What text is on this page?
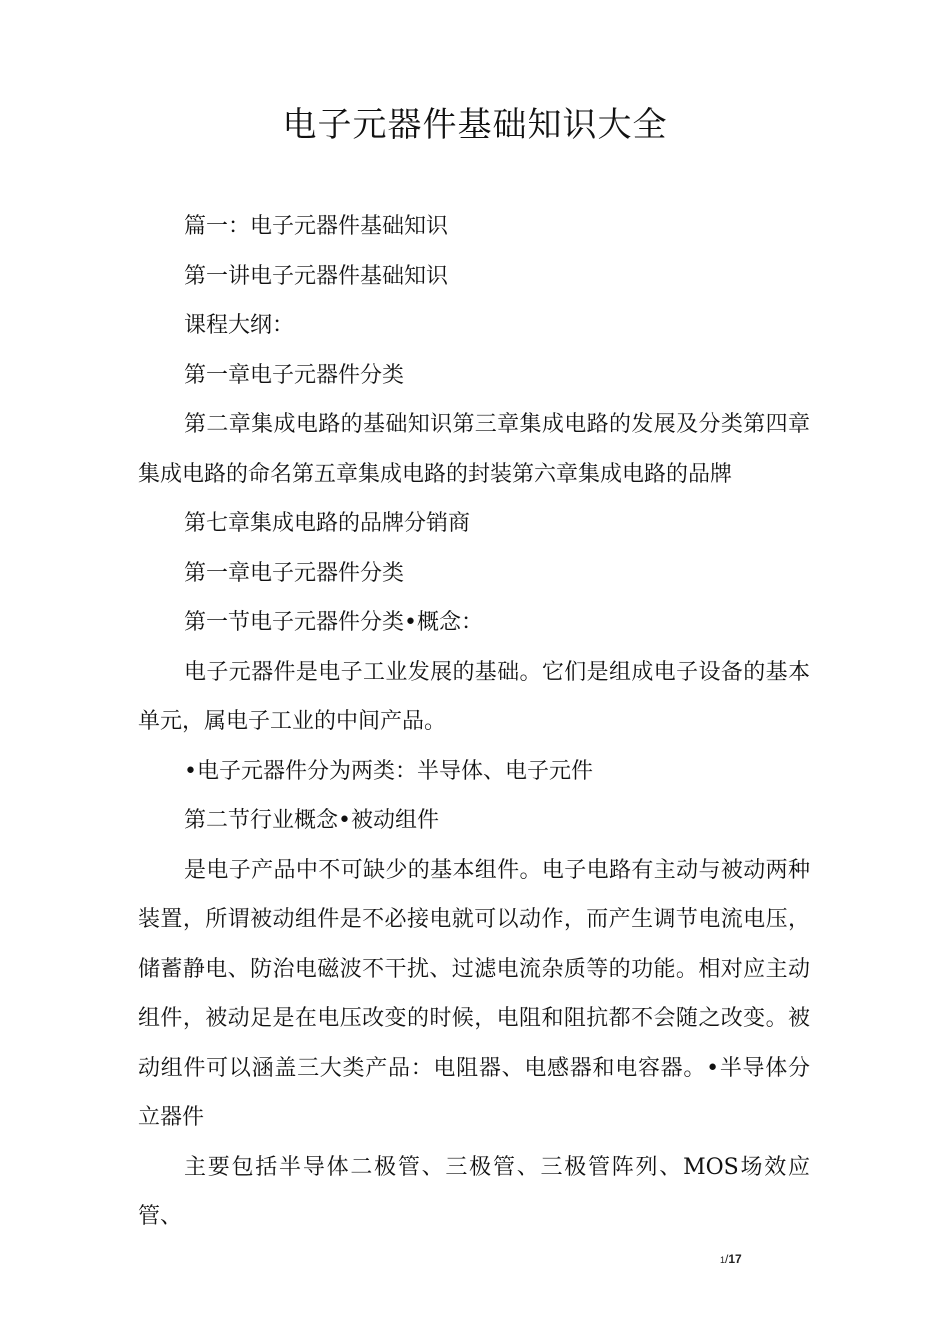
电子元器件基础知识大全

篇一：电子元器件基础知识

第一讲电子元器件基础知识

课程大纲：

第一章电子元器件分类

第二章集成电路的基础知识第三章集成电路的发展及分类第四章集成电路的命名第五章集成电路的封装第六章集成电路的品牌

第七章集成电路的品牌分销商

第一章电子元器件分类

第一节电子元器件分类•概念：

电子元器件是电子工业发展的基础。它们是组成电子设备的基本单元，属电子工业的中间产品。

•电子元器件分为两类：半导体、电子元件

第二节行业概念•被动组件

是电子产品中不可缺少的基本组件。电子电路有主动与被动两种装置，所谓被动组件是不必接电就可以动作，而产生调节电流电压，储蓄静电、防治电磁波不干扰、过滤电流杂质等的功能。相对应主动组件，被动足是在电压改变的时候，电阻和阻抗都不会随之改变。被动组件可以涵盖三大类产品：电阻器、电感器和电容器。•半导体分立器件

主要包括半导体二极管、三极管、三极管阵列、MOS场效应管、

1/17
